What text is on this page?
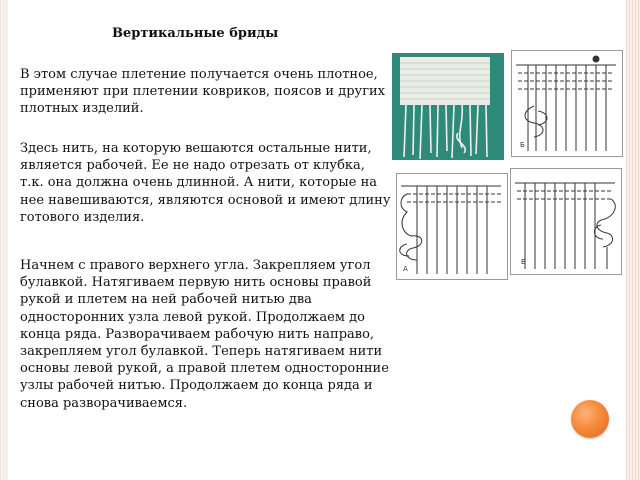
Вертикальные бриды

В этом случае плетение получается очень плотное, применяют при плетении ковриков, поясов и других плотных изделий.

Здесь нить, на которую вешаются остальные нити, является рабочей. Ее не надо отрезать от клубка, т.к. она должна очень длинной. А нити, которые на нее навешиваются, являются основой и имеют длину готового изделия.

Начнем с правого верхнего угла. Закрепляем угол булавкой. Натягиваем первую нить основы правой рукой и плетем на ней рабочей нитью два односторонних узла левой рукой. Продолжаем до конца ряда. Разворачиваем рабочую нить направо, закрепляем угол булавкой. Теперь натягиваем нити основы левой рукой, а правой плетем односторонние узлы рабочей нитью. Продолжаем до конца ряда и снова разворачиваемся.

Б
А
В
